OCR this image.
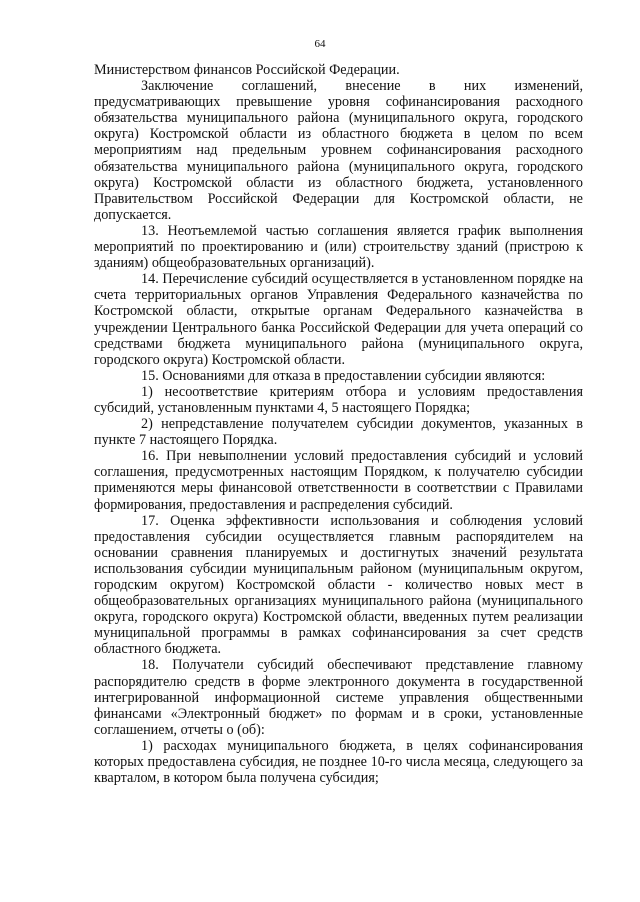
64

Министерством финансов Российской Федерации.

Заключение соглашений, внесение в них изменений, предусматривающих превышение уровня софинансирования расходного обязательства муниципального района (муниципального округа, городского округа) Костромской области из областного бюджета в целом по всем мероприятиям над предельным уровнем софинансирования расходного обязательства муниципального района (муниципального округа, городского округа) Костромской области из областного бюджета, установленного Правительством Российской Федерации для Костромской области, не допускается.

13. Неотъемлемой частью соглашения является график выполнения мероприятий по проектированию и (или) строительству зданий (пристрою к зданиям) общеобразовательных организаций).

14. Перечисление субсидий осуществляется в установленном порядке на счета территориальных органов Управления Федерального казначейства по Костромской области, открытые органам Федерального казначейства в учреждении Центрального банка Российской Федерации для учета операций со средствами бюджета муниципального района (муниципального округа, городского округа) Костромской области.

15. Основаниями для отказа в предоставлении субсидии являются:

1) несоответствие критериям отбора и условиям предоставления субсидий, установленным пунктами 4, 5 настоящего Порядка;

2) непредставление получателем субсидии документов, указанных в пункте 7 настоящего Порядка.

16. При невыполнении условий предоставления субсидий и условий соглашения, предусмотренных настоящим Порядком, к получателю субсидии применяются меры финансовой ответственности в соответствии с Правилами формирования, предоставления и распределения субсидий.

17. Оценка эффективности использования и соблюдения условий предоставления субсидии осуществляется главным распорядителем на основании сравнения планируемых и достигнутых значений результата использования субсидии муниципальным районом (муниципальным округом, городским округом) Костромской области - количество новых мест в общеобразовательных организациях муниципального района (муниципального округа, городского округа) Костромской области, введенных путем реализации муниципальной программы в рамках софинансирования за счет средств областного бюджета.

18. Получатели субсидий обеспечивают представление главному распорядителю средств в форме электронного документа в государственной интегрированной информационной системе управления общественными финансами «Электронный бюджет» по формам и в сроки, установленные соглашением, отчеты о (об):

1) расходах муниципального бюджета, в целях софинансирования которых предоставлена субсидия, не позднее 10-го числа месяца, следующего за кварталом, в котором была получена субсидия;
